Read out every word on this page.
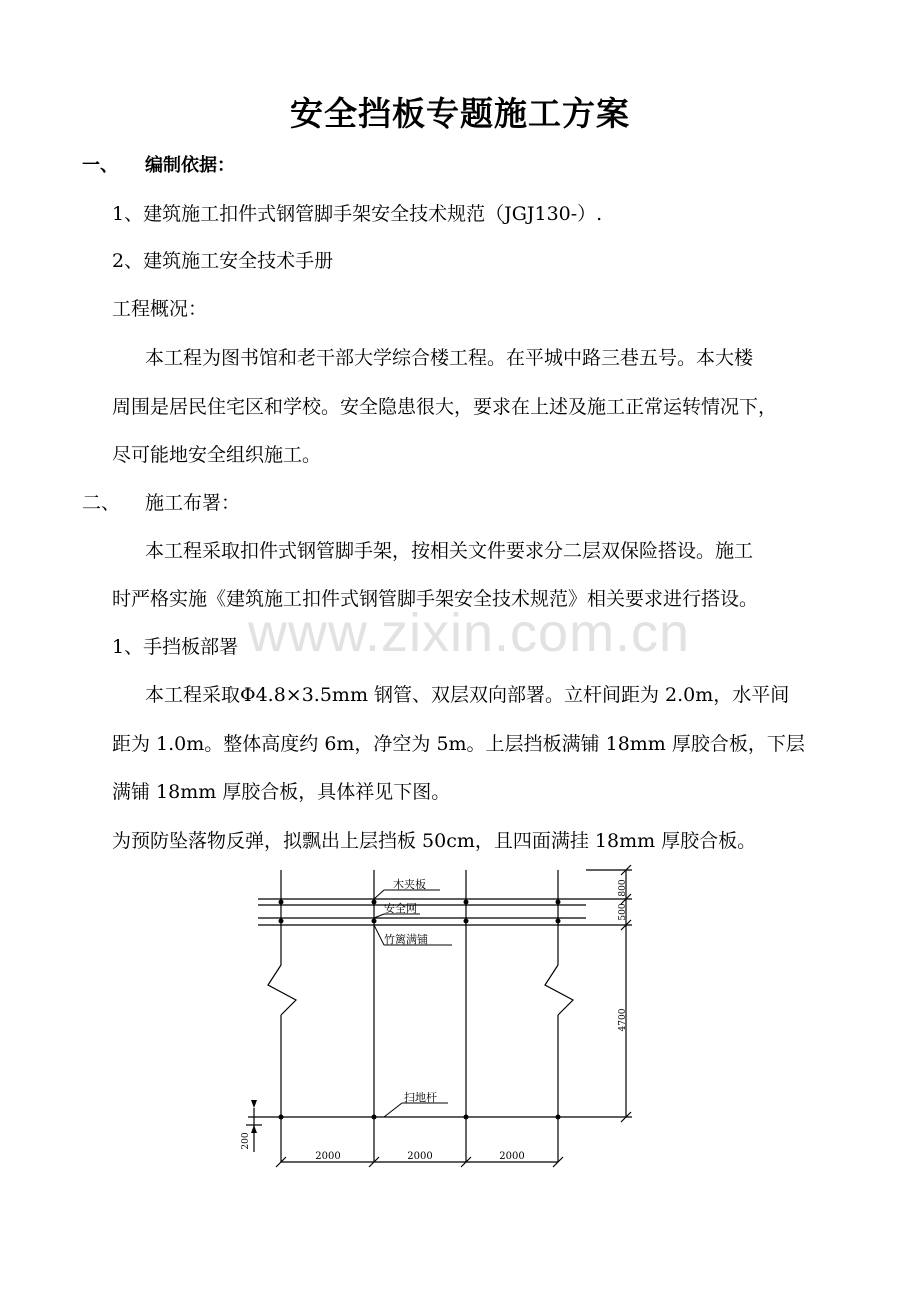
安全挡板专题施工方案
一、 编制依据：
1、建筑施工扣件式钢管脚手架安全技术规范（JGJ130-）.
2、建筑施工安全技术手册
工程概况：
本工程为图书馆和老干部大学综合楼工程。在平城中路三巷五号。本大楼
周围是居民住宅区和学校。安全隐患很大，要求在上述及施工正常运转情况下，
尽可能地安全组织施工。
二、 施工布署：
本工程采取扣件式钢管脚手架，按相关文件要求分二层双保险搭设。施工
时严格实施《建筑施工扣件式钢管脚手架安全技术规范》相关要求进行搭设。
www.zixin.com.cn
1、手挡板部署
本工程采取Φ4.8×3.5mm 钢管、双层双向部署。立杆间距为 2.0m，水平间
距为 1.0m。整体高度约 6m，净空为 5m。上层挡板满铺 18mm 厚胶合板，下层
满铺 18mm 厚胶合板，具体祥见下图。
为预防坠落物反弹，拟飘出上层挡板 50cm，且四面满挂 18mm 厚胶合板。
木夹板
安全网
竹篱满铺
扫地杆
800
500
4700
200
2000	2000	2000
